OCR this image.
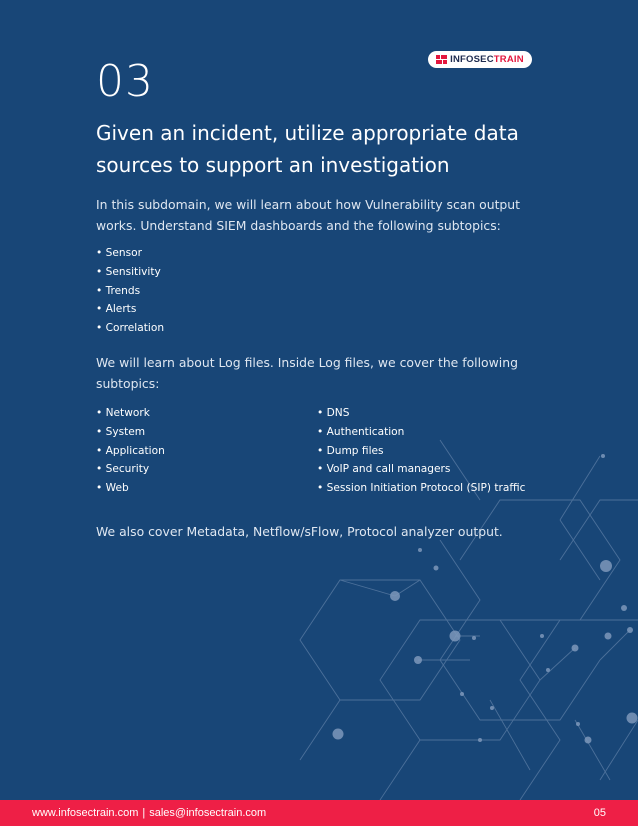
INFOSECTRAIN
03
Given an incident, utilize appropriate data sources to support an investigation

In this subdomain, we will learn about how Vulnerability scan output works. Understand SIEM dashboards and the following subtopics:

• Sensor
• Sensitivity
• Trends
• Alerts
• Correlation

We will learn about Log files. Inside Log files, we cover the following subtopics:

• Network
• System
• Application
• Security
• Web
• DNS
• Authentication
• Dump files
• VoIP and call managers
• Session Initiation Protocol (SIP) traffic

We also cover Metadata, Netflow/sFlow, Protocol analyzer output.

www.infosectrain.com | sales@infosectrain.com	05
